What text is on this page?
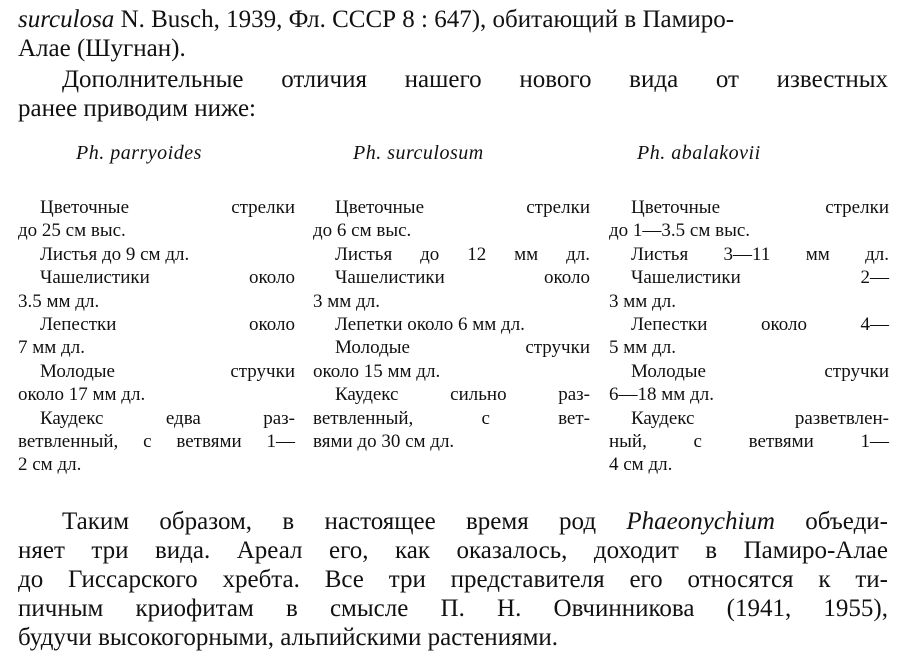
surculosa N. Busch, 1939, Фл. СССР 8 : 647), обитающий в Памиро-
Алае (Шугнан).
Дополнительные отличия нашего нового вида от известных
ранее приводим ниже:
Ph. parryoides
Цветочные стрелки
до 25 см выс.
Листья до 9 см дл.
Чашелистики около
3.5 мм дл.
Лепестки около
7 мм дл.
Молодые стручки
около 17 мм дл.
Каудекс едва раз-
ветвленный, с ветвями 1—
2 см дл.
Ph. surculosum
Цветочные стрелки
до 6 см выс.
Листья до 12 мм дл.
Чашелистики около
3 мм дл.
Лепетки около 6 мм дл.
Молодые стручки
около 15 мм дл.
Каудекс сильно раз-
ветвленный, с вет-
вями до 30 см дл.
Ph. abalakovii
Цветочные стрелки
до 1—3.5 см выс.
Листья 3—11 мм дл.
Чашелистики 2—
3 мм дл.
Лепестки около 4—
5 мм дл.
Молодые стручки
6—18 мм дл.
Каудекс разветвлен-
ный, с ветвями 1—
4 см дл.
Таким образом, в настоящее время род Phaeonychium объеди-
няет три вида. Ареал его, как оказалось, доходит в Памиро-Алае
до Гиссарского хребта. Все три представителя его относятся к ти-
пичным криофитам в смысле П. Н. Овчинникова (1941, 1955),
будучи высокогорными, альпийскими растениями.
